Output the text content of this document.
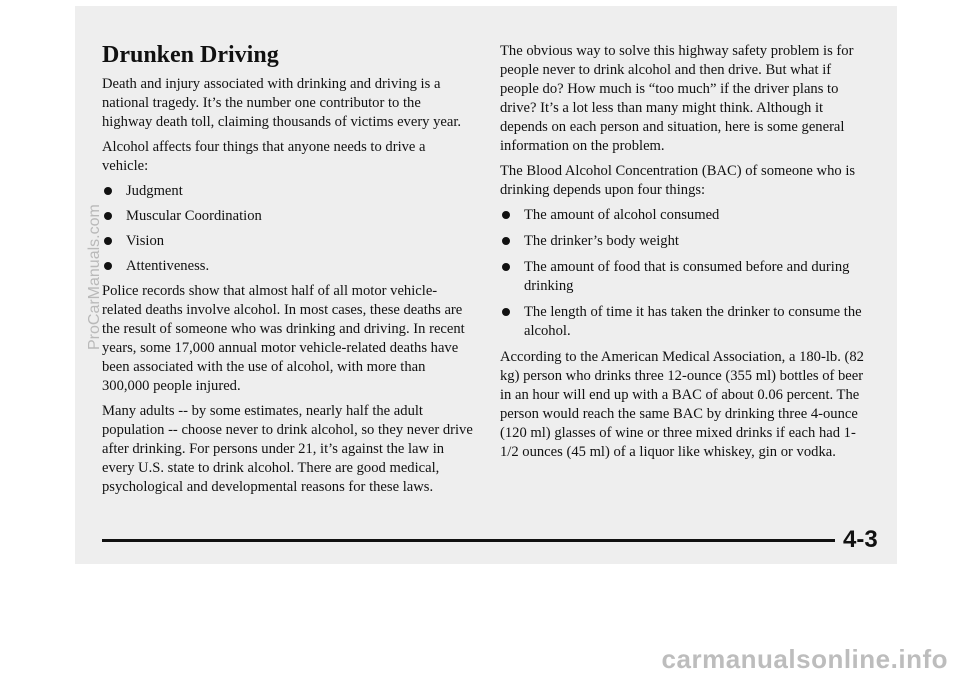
Drunken Driving

Death and injury associated with drinking and driving is a national tragedy. It’s the number one contributor to the highway death toll, claiming thousands of victims every year.

Alcohol affects four things that anyone needs to drive a vehicle:

Judgment
Muscular Coordination
Vision
Attentiveness.

Police records show that almost half of all motor vehicle-related deaths involve alcohol. In most cases, these deaths are the result of someone who was drinking and driving. In recent years, some 17,000 annual motor vehicle-related deaths have been associated with the use of alcohol, with more than 300,000 people injured.

Many adults -- by some estimates, nearly half the adult population -- choose never to drink alcohol, so they never drive after drinking. For persons under 21, it’s against the law in every U.S. state to drink alcohol. There are good medical, psychological and developmental reasons for these laws.

The obvious way to solve this highway safety problem is for people never to drink alcohol and then drive. But what if people do? How much is “too much” if the driver plans to drive? It’s a lot less than many might think. Although it depends on each person and situation, here is some general information on the problem.

The Blood Alcohol Concentration (BAC) of someone who is drinking depends upon four things:

The amount of alcohol consumed
The drinker’s body weight
The amount of food that is consumed before and during drinking
The length of time it has taken the drinker to consume the alcohol.

According to the American Medical Association, a 180-lb. (82 kg) person who drinks three 12-ounce (355 ml) bottles of beer in an hour will end up with a BAC of about 0.06 percent. The person would reach the same BAC by drinking three 4-ounce (120 ml) glasses of wine or three mixed drinks if each had 1-1/2 ounces (45 ml) of a liquor like whiskey, gin or vodka.

4-3
ProCarManuals.com
carmanualsonline.info
